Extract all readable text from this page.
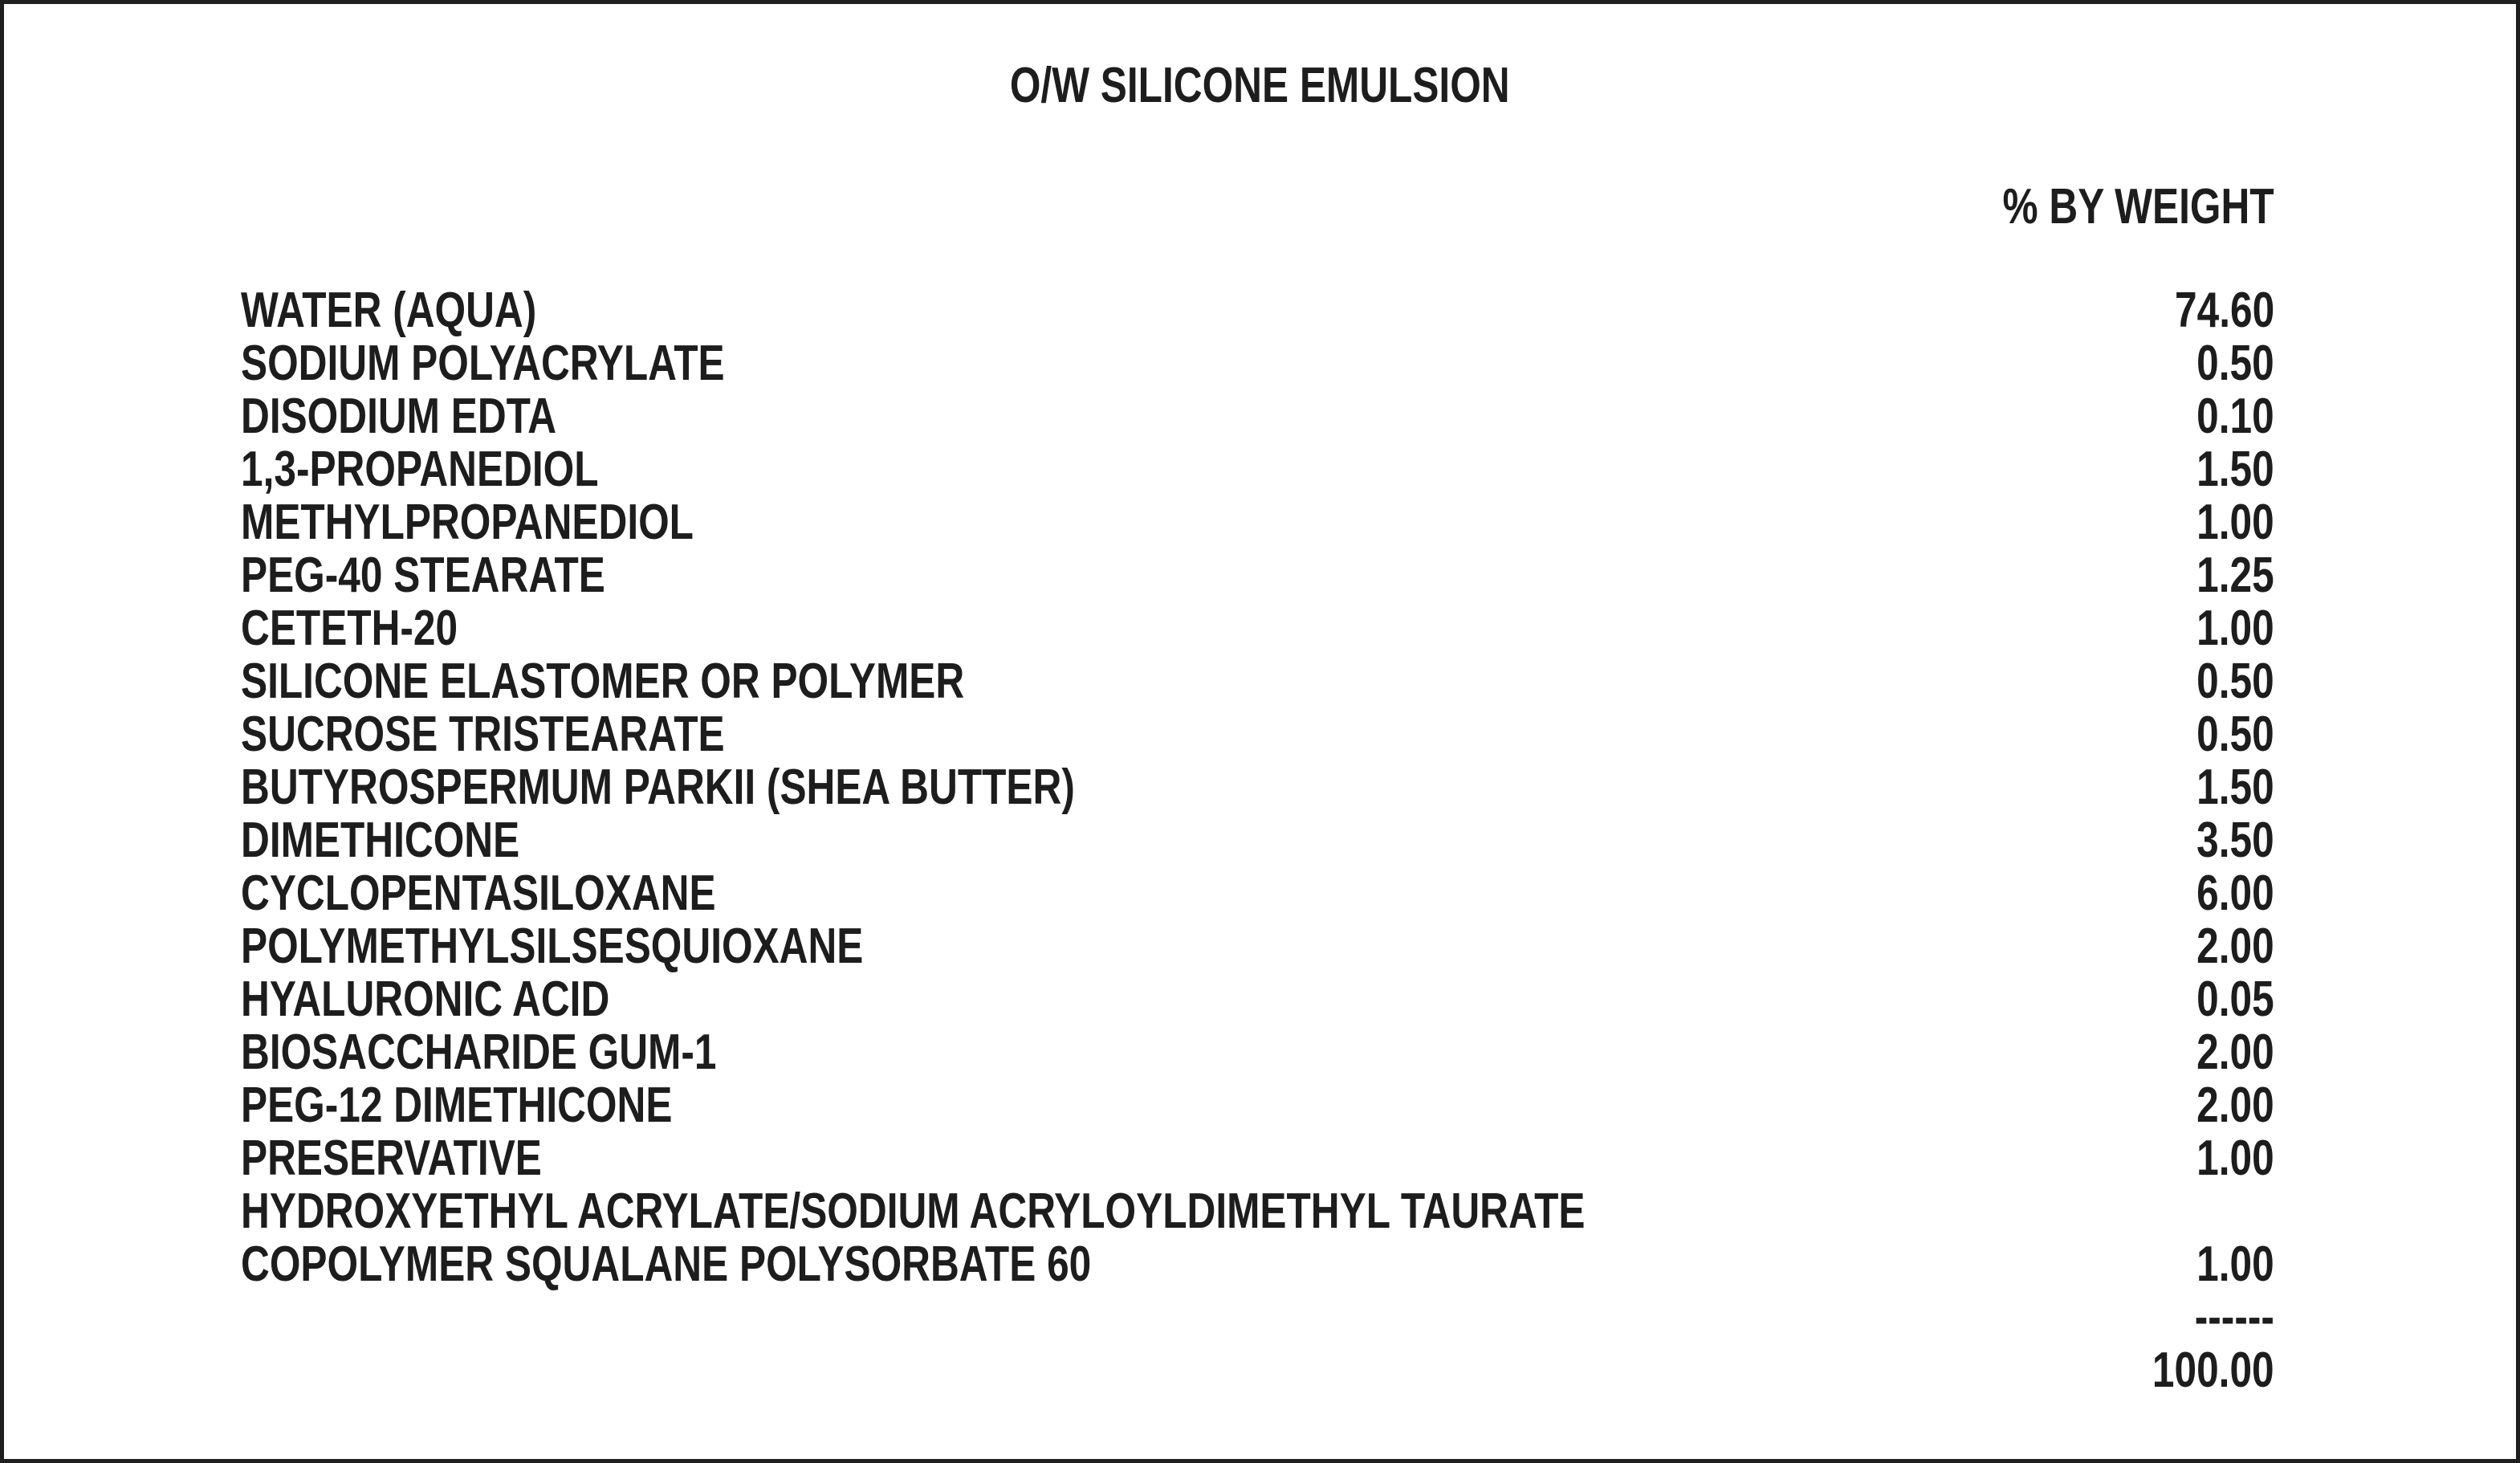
O/W SILICONE EMULSION
% BY WEIGHT
WATER (AQUA)	74.60
SODIUM POLYACRYLATE	0.50
DISODIUM EDTA	0.10
1,3-PROPANEDIOL	1.50
METHYLPROPANEDIOL	1.00
PEG-40 STEARATE	1.25
CETETH-20	1.00
SILICONE ELASTOMER OR POLYMER	0.50
SUCROSE TRISTEARATE	0.50
BUTYROSPERMUM PARKII (SHEA BUTTER)	1.50
DIMETHICONE	3.50
CYCLOPENTASILOXANE	6.00
POLYMETHYLSILSESQUIOXANE	2.00
HYALURONIC ACID	0.05
BIOSACCHARIDE GUM-1	2.00
PEG-12 DIMETHICONE	2.00
PRESERVATIVE	1.00
HYDROXYETHYL ACRYLATE/SODIUM ACRYLOYLDIMETHYL TAURATE
COPOLYMER SQUALANE POLYSORBATE 60	1.00
------
100.00
